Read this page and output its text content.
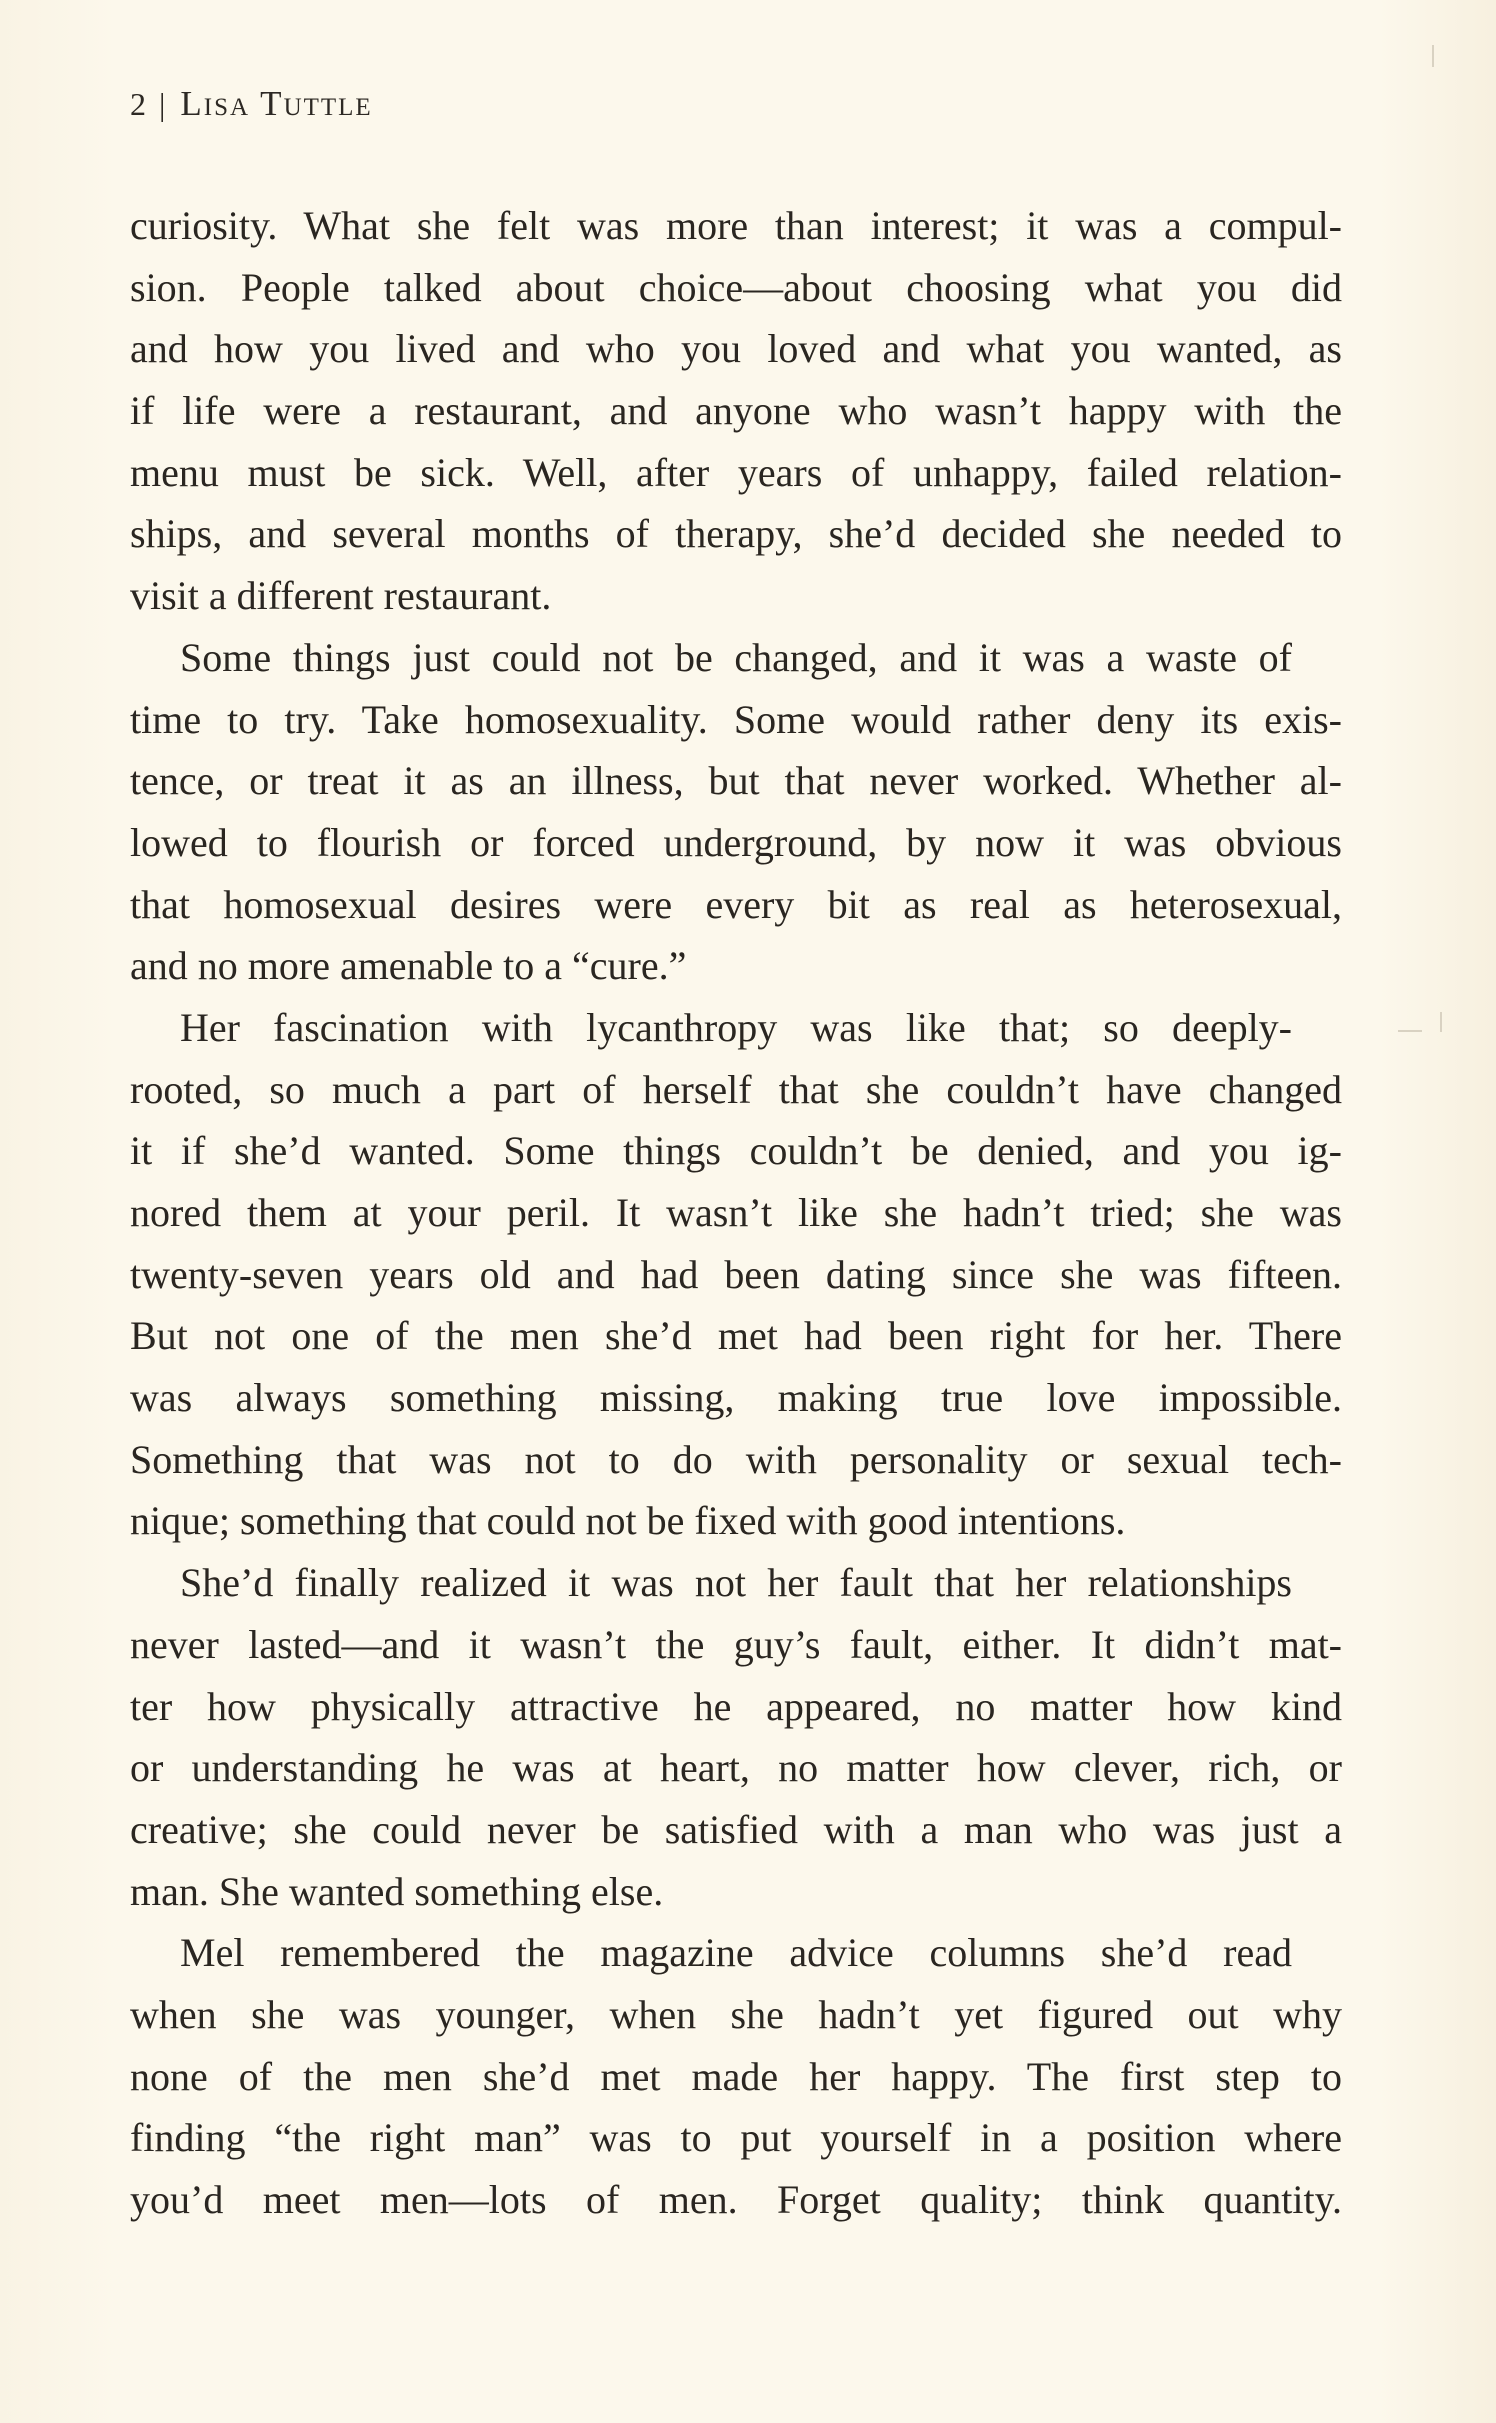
2 | Lisa Tuttle

curiosity. What she felt was more than interest; it was a compul-
sion. People talked about choice—about choosing what you did
and how you lived and who you loved and what you wanted, as
if life were a restaurant, and anyone who wasn’t happy with the
menu must be sick. Well, after years of unhappy, failed relation-
ships, and several months of therapy, she’d decided she needed to
visit a different restaurant.

Some things just could not be changed, and it was a waste of
time to try. Take homosexuality. Some would rather deny its exis-
tence, or treat it as an illness, but that never worked. Whether al-
lowed to flourish or forced underground, by now it was obvious
that homosexual desires were every bit as real as heterosexual,
and no more amenable to a “cure.”

Her fascination with lycanthropy was like that; so deeply-
rooted, so much a part of herself that she couldn’t have changed
it if she’d wanted. Some things couldn’t be denied, and you ig-
nored them at your peril. It wasn’t like she hadn’t tried; she was
twenty-seven years old and had been dating since she was fifteen.
But not one of the men she’d met had been right for her. There
was always something missing, making true love impossible.
Something that was not to do with personality or sexual tech-
nique; something that could not be fixed with good intentions.

She’d finally realized it was not her fault that her relationships
never lasted—and it wasn’t the guy’s fault, either. It didn’t mat-
ter how physically attractive he appeared, no matter how kind
or understanding he was at heart, no matter how clever, rich, or
creative; she could never be satisfied with a man who was just a
man. She wanted something else.

Mel remembered the magazine advice columns she’d read
when she was younger, when she hadn’t yet figured out why
none of the men she’d met made her happy. The first step to
finding “the right man” was to put yourself in a position where
you’d meet men—lots of men. Forget quality; think quantity.
